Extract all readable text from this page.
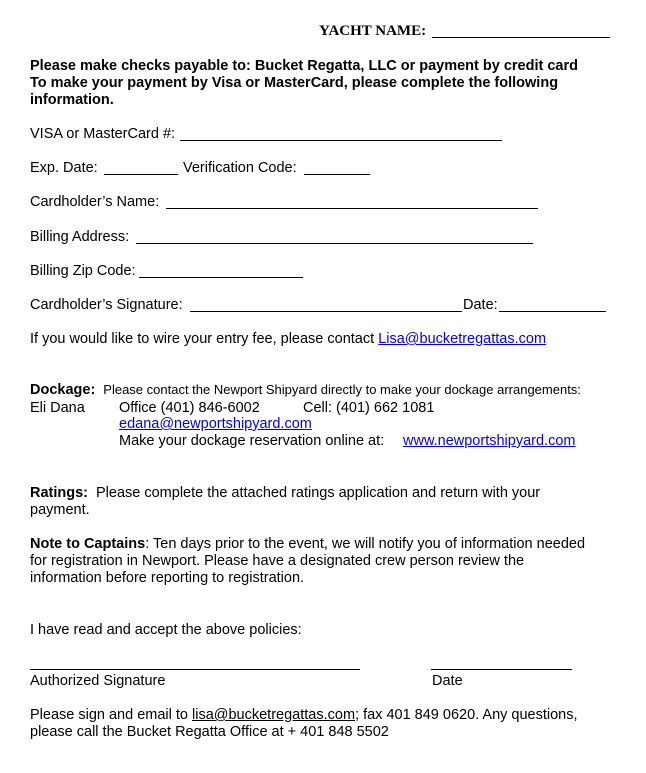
YACHT NAME:
Please make checks payable to: Bucket Regatta, LLC or payment by credit card
To make your payment by Visa or MasterCard, please complete the following
information.
VISA or MasterCard #:
Exp. Date:	Verification Code:
Cardholder’s Name:
Billing Address:
Billing Zip Code:
Cardholder’s Signature:	Date:
If you would like to wire your entry fee, please contact Lisa@bucketregattas.com
Dockage: Please contact the Newport Shipyard directly to make your dockage arrangements:
Eli Dana Office (401) 846-6002	Cell: (401) 662 1081
edana@newportshipyard.com
Make your dockage reservation online at: www.newportshipyard.com
Ratings: Please complete the attached ratings application and return with your
payment.
Note to Captains: Ten days prior to the event, we will notify you of information needed
for registration in Newport. Please have a designated crew person review the
information before reporting to registration.
I have read and accept the above policies:
Authorized Signature	Date
Please sign and email to lisa@bucketregattas.com; fax 401 849 0620. Any questions,
please call the Bucket Regatta Office at + 401 848 5502
